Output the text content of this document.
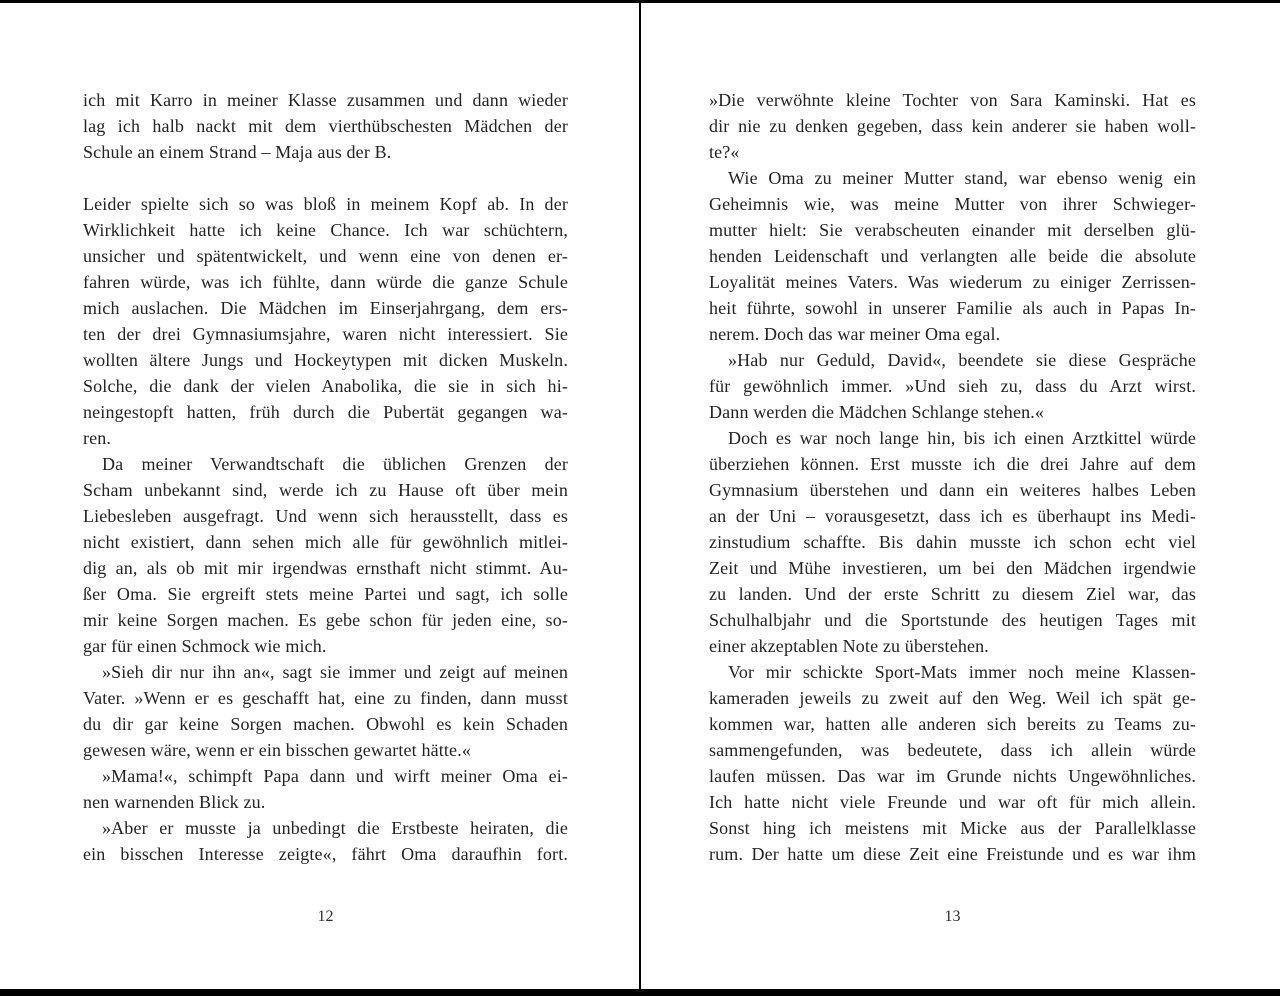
ich mit Karro in meiner Klasse zusammen und dann wieder
lag ich halb nackt mit dem vierthübschesten Mädchen der
Schule an einem Strand – Maja aus der B.
Leider spielte sich so was bloß in meinem Kopf ab. In der
Wirklichkeit hatte ich keine Chance. Ich war schüchtern,
unsicher und spätentwickelt, und wenn eine von denen er-
fahren würde, was ich fühlte, dann würde die ganze Schule
mich auslachen. Die Mädchen im Einserjahrgang, dem ers-
ten der drei Gymnasiumsjahre, waren nicht interessiert. Sie
wollten ältere Jungs und Hockeytypen mit dicken Muskeln.
Solche, die dank der vielen Anabolika, die sie in sich hi-
neingestopft hatten, früh durch die Pubertät gegangen wa-
ren.
Da meiner Verwandtschaft die üblichen Grenzen der
Scham unbekannt sind, werde ich zu Hause oft über mein
Liebesleben ausgefragt. Und wenn sich herausstellt, dass es
nicht existiert, dann sehen mich alle für gewöhnlich mitlei-
dig an, als ob mit mir irgendwas ernsthaft nicht stimmt. Au-
ßer Oma. Sie ergreift stets meine Partei und sagt, ich solle
mir keine Sorgen machen. Es gebe schon für jeden eine, so-
gar für einen Schmock wie mich.
»Sieh dir nur ihn an«, sagt sie immer und zeigt auf meinen
Vater. »Wenn er es geschafft hat, eine zu finden, dann musst
du dir gar keine Sorgen machen. Obwohl es kein Schaden
gewesen wäre, wenn er ein bisschen gewartet hätte.«
»Mama!«, schimpft Papa dann und wirft meiner Oma ei-
nen warnenden Blick zu.
»Aber er musste ja unbedingt die Erstbeste heiraten, die
ein bisschen Interesse zeigte«, fährt Oma daraufhin fort.
12
»Die verwöhnte kleine Tochter von Sara Kaminski. Hat es
dir nie zu denken gegeben, dass kein anderer sie haben woll-
te?«
Wie Oma zu meiner Mutter stand, war ebenso wenig ein
Geheimnis wie, was meine Mutter von ihrer Schwieger-
mutter hielt: Sie verabscheuten einander mit derselben glü-
henden Leidenschaft und verlangten alle beide die absolute
Loyalität meines Vaters. Was wiederum zu einiger Zerrissen-
heit führte, sowohl in unserer Familie als auch in Papas In-
nerem. Doch das war meiner Oma egal.
»Hab nur Geduld, David«, beendete sie diese Gespräche
für gewöhnlich immer. »Und sieh zu, dass du Arzt wirst.
Dann werden die Mädchen Schlange stehen.«
Doch es war noch lange hin, bis ich einen Arztkittel würde
überziehen können. Erst musste ich die drei Jahre auf dem
Gymnasium überstehen und dann ein weiteres halbes Leben
an der Uni – vorausgesetzt, dass ich es überhaupt ins Medi-
zinstudium schaffte. Bis dahin musste ich schon echt viel
Zeit und Mühe investieren, um bei den Mädchen irgendwie
zu landen. Und der erste Schritt zu diesem Ziel war, das
Schulhalbjahr und die Sportstunde des heutigen Tages mit
einer akzeptablen Note zu überstehen.
Vor mir schickte Sport-Mats immer noch meine Klassen-
kameraden jeweils zu zweit auf den Weg. Weil ich spät ge-
kommen war, hatten alle anderen sich bereits zu Teams zu-
sammengefunden, was bedeutete, dass ich allein würde
laufen müssen. Das war im Grunde nichts Ungewöhnliches.
Ich hatte nicht viele Freunde und war oft für mich allein.
Sonst hing ich meistens mit Micke aus der Parallelklasse
rum. Der hatte um diese Zeit eine Freistunde und es war ihm
13
